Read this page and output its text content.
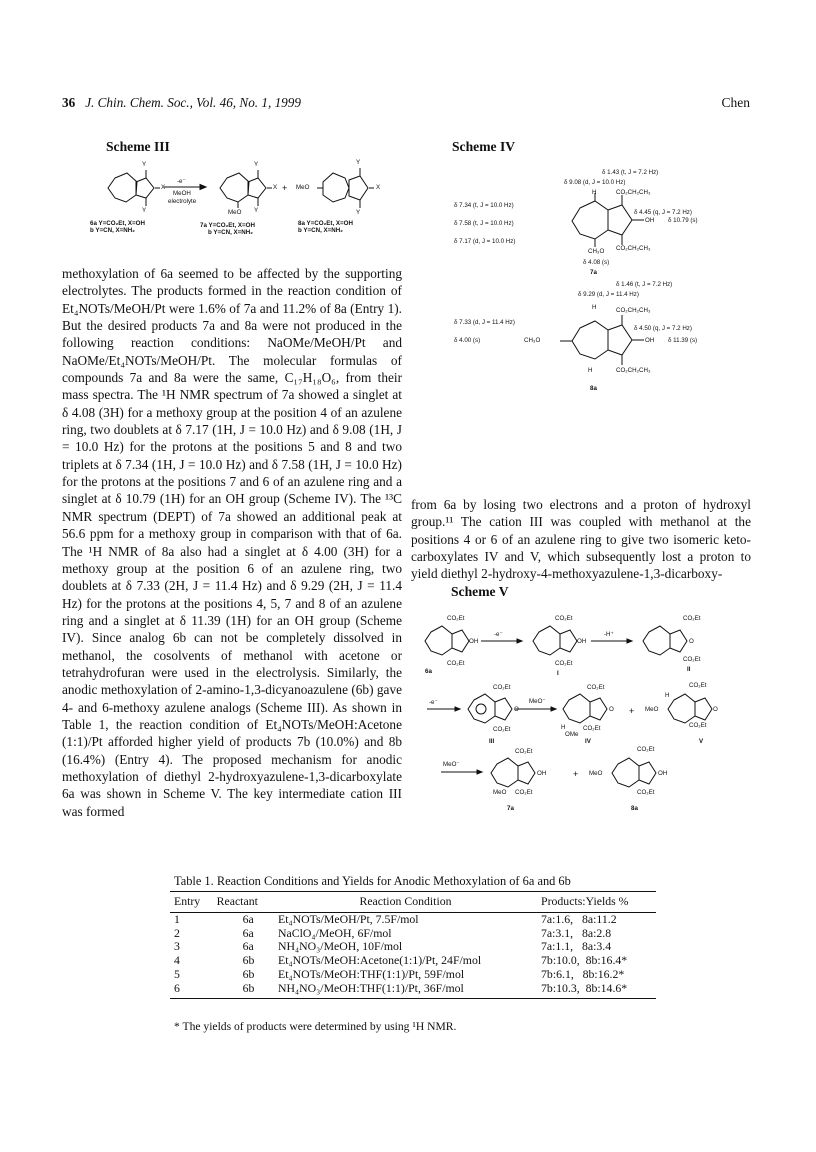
36 J. Chin. Chem. Soc., Vol. 46, No. 1, 1999	Chen
Scheme III
Y
X
Y
-e⁻
MeOH
electrolyte
Y
X
Y
MeO
+ MeO
Y
X
Y
6a Y=CO₂Et, X=OH
b Y=CN, X=NH₂
7a Y=CO₂Et, X=OH
b Y=CN, X=NH₂
8a Y=CO₂Et, X=OH
b Y=CN, X=NH₂

methoxylation of 6a seemed to be affected by the supporting electrolytes. The products formed in the reaction condition of Et₄NOTs/MeOH/Pt were 1.6% of 7a and 11.2% of 8a (Entry 1). But the desired products 7a and 8a were not produced in the following reaction conditions: NaOMe/MeOH/Pt and NaOMe/Et₄NOTs/MeOH/Pt. The molecular formulas of compounds 7a and 8a were the same, C₁₇H₁₈O₆, from their mass spectra. The ¹H NMR spectrum of 7a showed a singlet at δ 4.08 (3H) for a methoxy group at the position 4 of an azulene ring, two doublets at δ 7.17 (1H, J = 10.0 Hz) and δ 9.08 (1H, J = 10.0 Hz) for the protons at the positions 5 and 8 and two triplets at δ 7.34 (1H, J = 10.0 Hz) and δ 7.58 (1H, J = 10.0 Hz) for the protons at the positions 7 and 6 of an azulene ring and a singlet at δ 10.79 (1H) for an OH group (Scheme IV). The ¹³C NMR spectrum (DEPT) of 7a showed an additional peak at 56.6 ppm for a methoxy group in comparison with that of 6a. The ¹H NMR of 8a also had a singlet at δ 4.00 (3H) for a methoxy group at the position 6 of an azulene ring, two doublets at δ 7.33 (2H, J = 11.4 Hz) and δ 9.29 (2H, J = 11.4 Hz) for the protons at the positions 4, 5, 7 and 8 of an azulene ring and a singlet at δ 11.39 (1H) for an OH group (Scheme IV). Since analog 6b can not be completely dissolved in methanol, the cosolvents of methanol with acetone or tetrahydrofuran were used in the electrolysis. Similarly, the anodic methoxylation of 2-amino-1,3-dicyanoazulene (6b) gave 4- and 6-methoxy azulene analogs (Scheme III). As shown in Table 1, the reaction condition of Et₄NOTs/MeOH:Acetone (1:1)/Pt afforded higher yield of products 7b (10.0%) and 8b (16.4%) (Entry 4). The proposed mechanism for anodic methoxylation of diethyl 2-hydroxyazulene-1,3-dicarboxylate 6a was shown in Scheme V. The key intermediate cation III was formed

Scheme IV
δ 1.43 (t, J = 7.2 Hz)
δ 9.08 (d, J = 10.0 Hz)
H	CO₂CH₂CH₃
δ 7.34 (t, J = 10.0 Hz)
δ 4.45 (q, J = 7.2 Hz)
δ 7.58 (t, J = 10.0 Hz)	OH δ 10.79 (s)
δ 7.17 (d, J = 10.0 Hz)
CO₂CH₂CH₃
CH₃O
δ 4.08 (s)
7a
δ 1.46 (t, J = 7.2 Hz)
δ 9.29 (d, J = 11.4 Hz)
H	CO₂CH₂CH₃
δ 7.33 (d, J = 11.4 Hz)
δ 4.50 (q, J = 7.2 Hz)
δ 4.00 (s)	CH₃O	OH δ 11.39 (s)
H	CO₂CH₂CH₃
8a

from 6a by losing two electrons and a proton of hydroxyl group.¹¹ The cation III was coupled with methanol at the positions 4 or 6 of an azulene ring to give two isomeric keto-carboxylates IV and V, which subsequently lost a proton to yield diethyl 2-hydroxy-4-methoxyazulene-1,3-dicarboxy-

Scheme V
CO₂Et
OH
CO₂Et
6a
-e⁻
CO₂Et
OH
CO₂Et
I
-H⁺
CO₂Et
O
CO₂Et
II
-e⁻
CO₂Et
O
CO₂Et
III
MeO⁻
CO₂Et
O
CO₂Et
H
OMe
IV
+ MeO
H
CO₂Et
O
CO₂Et
V
MeO⁻
CO₂Et
OH
MeO CO₂Et
7a
+ MeO
CO₂Et
OH
CO₂Et
8a
Table 1. Reaction Conditions and Yields for Anodic Methoxylation of 6a and 6b
Entry	Reactant	Reaction Condition	Products:Yields %
1	6a	Et₄NOTs/MeOH/Pt, 7.5F/mol	7a:1.6,   8a:11.2
2	6a	NaClO₄/MeOH, 6F/mol	7a:3.1,   8a:2.8
3	6a	NH₄NO₃/MeOH, 10F/mol	7a:1.1,   8a:3.4
4	6b	Et₄NOTs/MeOH:Acetone(1:1)/Pt, 24F/mol	7b:10.0,  8b:16.4*
5	6b	Et₄NOTs/MeOH:THF(1:1)/Pt, 59F/mol	7b:6.1,   8b:16.2*
6	6b	NH₄NO₃/MeOH:THF(1:1)/Pt, 36F/mol	7b:10.3,  8b:14.6*
* The yields of products were determined by using ¹H NMR.
